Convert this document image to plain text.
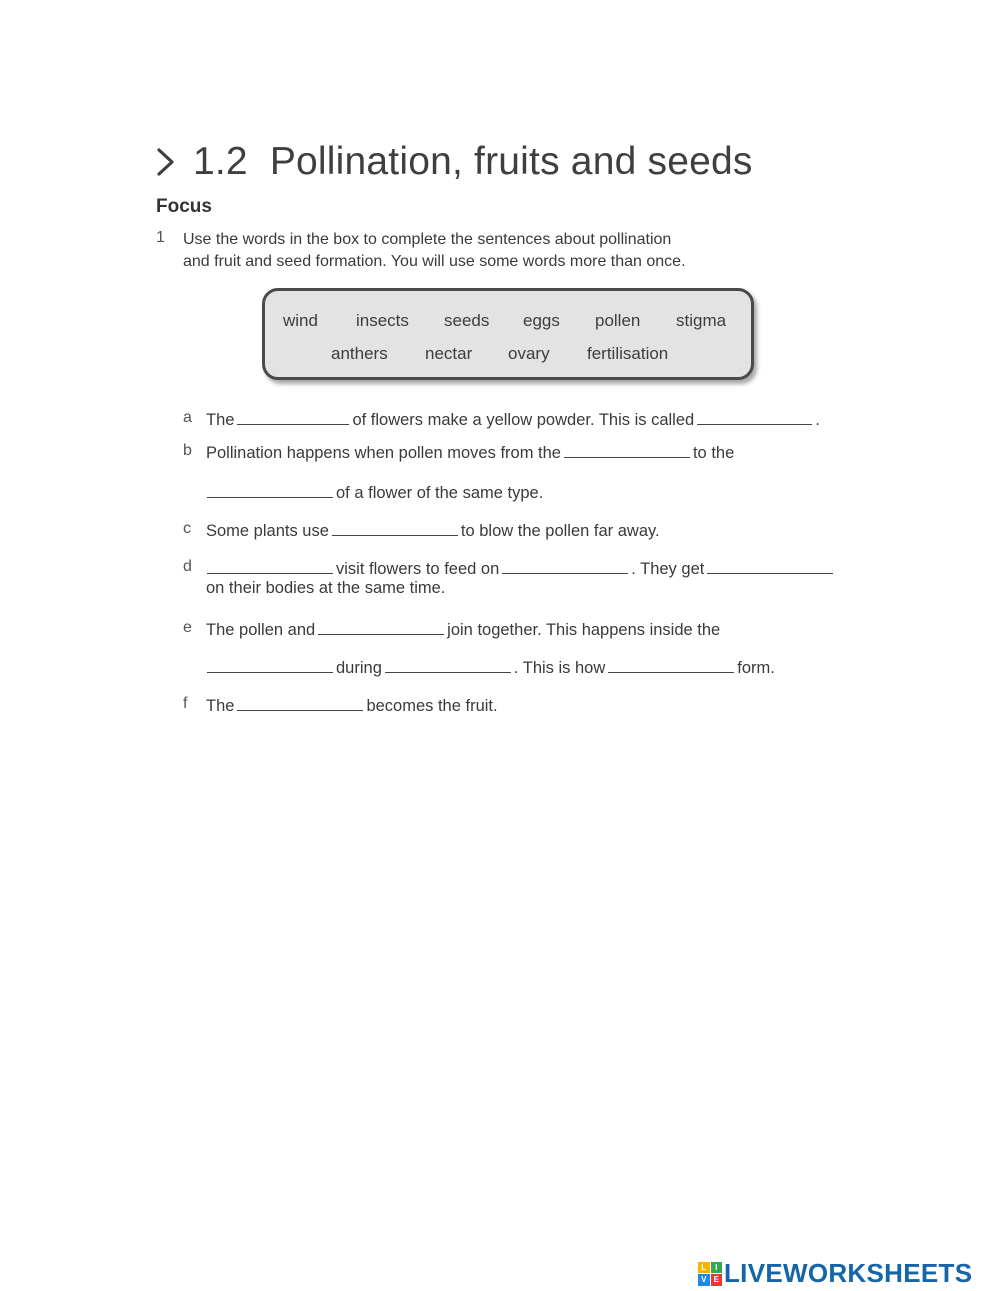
1.2 Pollination, fruits and seeds
Focus
1 Use the words in the box to complete the sentences about pollination
and fruit and seed formation. You will use some words more than once.
wind insects seeds eggs pollen stigma
anthers nectar ovary fertilisation
a The	of flowers make a yellow powder. This is called	.
b Pollination happens when pollen moves from the	to the
of a flower of the same type.
c Some plants use	to blow the pollen far away.
d	visit flowers to feed on	. They get
on their bodies at the same time.
e The pollen and	join together. This happens inside the
during	. This is how	form.
f The	becomes the fruit.
L	I
V E LIVEWORKSHEETS
